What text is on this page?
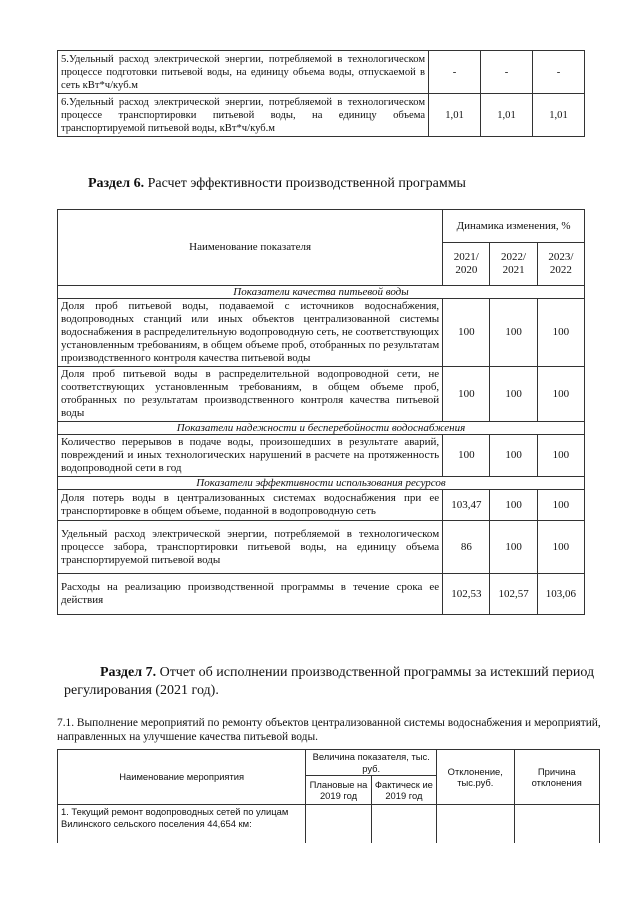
5.Удельный расход электрической энергии, потребляемой в технологическом процессе подготовки питьевой воды, на единицу объема воды, отпускаемой в сеть кВт*ч/куб.м	-	-	-
6.Удельный расход электрической энергии, потребляемой в технологическом процессе транспортировки питьевой воды, на единицу объема транспортируемой питьевой воды, кВт*ч/куб.м	1,01	1,01	1,01
Раздел 6. Расчет эффективности производственной программы
Наименование показателя	Динамика изменения, %		
	2021/ 2020	2022/ 2021	2023/ 2022
Показатели качества питьевой воды			
Доля проб питьевой воды, подаваемой с источников водоснабжения, водопроводных станций или иных объектов централизованной системы водоснабжения в распределительную водопроводную сеть, не соответствующих установленным требованиям, в общем объеме проб, отобранных по результатам производственного контроля качества питьевой воды	100	100	100
Доля проб питьевой воды в распределительной водопроводной сети, не соответствующих установленным требованиям, в общем объеме проб, отобранных по результатам производственного контроля качества питьевой воды	100	100	100
Показатели надежности и бесперебойности водоснабжения			
Количество перерывов в подаче воды, произошедших в результате аварий, повреждений и иных технологических нарушений в расчете на протяженность водопроводной сети в год	100	100	100
Показатели эффективности использования ресурсов			
Доля потерь воды в централизованных системах водоснабжения при ее транспортировке в общем объеме, поданной в водопроводную сеть	103,47	100	100
Удельный расход электрической энергии, потребляемой в технологическом процессе забора, транспортировки питьевой воды, на единицу объема транспортируемой питьевой воды	86	100	100
Расходы на реализацию производственной программы в течение срока ее действия	102,53	102,57	103,06
Раздел 7. Отчет об исполнении производственной программы за истекший период регулирования (2021 год).
7.1. Выполнение мероприятий по ремонту объектов централизованной системы водоснабжения и мероприятий, направленных на улучшение качества питьевой воды.
Наименование мероприятия	Величина показателя, тыс. руб.		Отклонение, тыс.руб.	Причина отклонения
	Плановые на 2019 год	Фактическ ие 2019 год		
1. Текущий ремонт водопроводных сетей по улицам Вилинского сельского поселения 44,654 км:				
